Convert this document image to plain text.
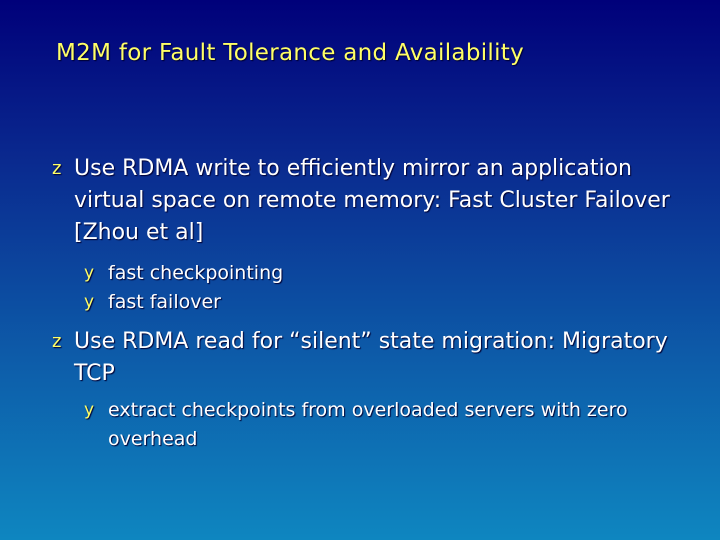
M2M for Fault Tolerance and Availability
z Use RDMA write to efficiently mirror an application virtual space on remote memory: Fast Cluster Failover [Zhou et al]
y fast checkpointing
y fast failover
z Use RDMA read for “silent” state migration: Migratory TCP
y extract checkpoints from overloaded servers with zero overhead
